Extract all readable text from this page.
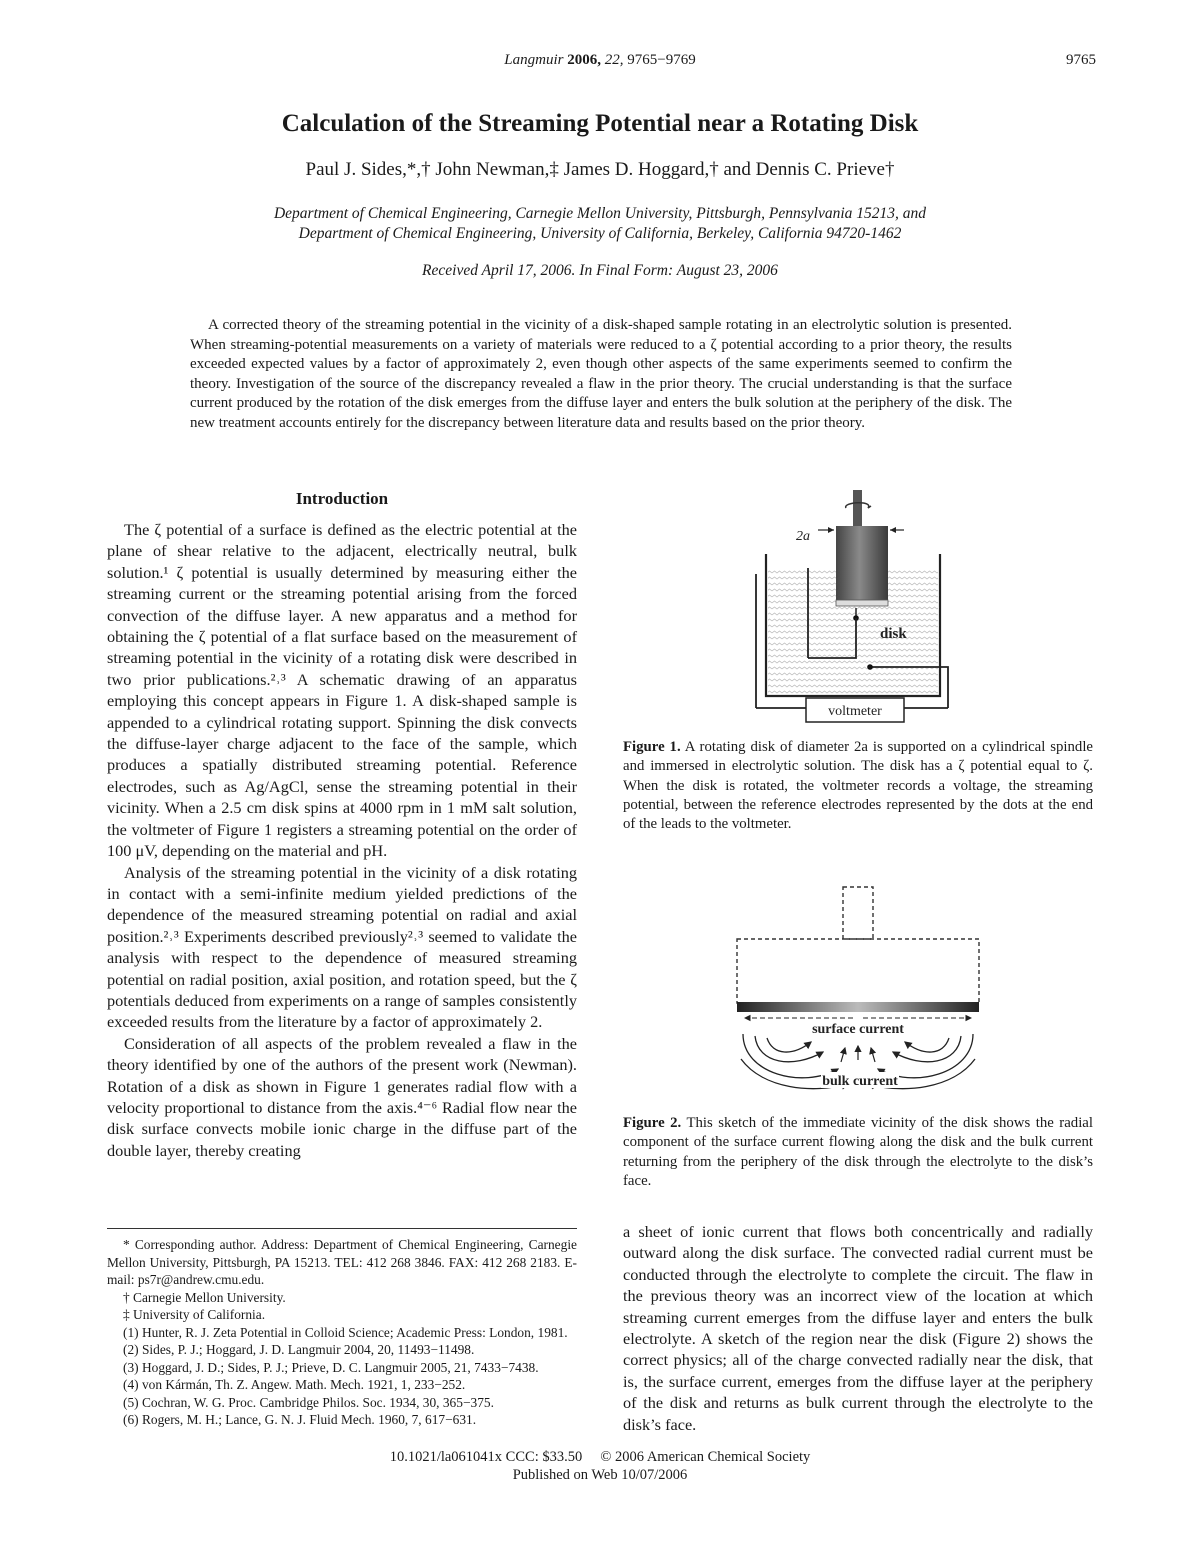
Langmuir 2006, 22, 9765−9769	9765
Calculation of the Streaming Potential near a Rotating Disk
Paul J. Sides,*,† John Newman,‡ James D. Hoggard,† and Dennis C. Prieve†
Department of Chemical Engineering, Carnegie Mellon University, Pittsburgh, Pennsylvania 15213, and
Department of Chemical Engineering, University of California, Berkeley, California 94720-1462
Received April 17, 2006. In Final Form: August 23, 2006
A corrected theory of the streaming potential in the vicinity of a disk-shaped sample rotating in an electrolytic solution is presented. When streaming-potential measurements on a variety of materials were reduced to a ζ potential according to a prior theory, the results exceeded expected values by a factor of approximately 2, even though other aspects of the same experiments seemed to confirm the theory. Investigation of the source of the discrepancy revealed a flaw in the prior theory. The crucial understanding is that the surface current produced by the rotation of the disk emerges from the diffuse layer and enters the bulk solution at the periphery of the disk. The new treatment accounts entirely for the discrepancy between literature data and results based on the prior theory.
Introduction

The ζ potential of a surface is defined as the electric potential at the plane of shear relative to the adjacent, electrically neutral, bulk solution.¹ ζ potential is usually determined by measuring either the streaming current or the streaming potential arising from the forced convection of the diffuse layer. A new apparatus and a method for obtaining the ζ potential of a flat surface based on the measurement of streaming potential in the vicinity of a rotating disk were described in two prior publications.²˒³ A schematic drawing of an apparatus employing this concept appears in Figure 1. A disk-shaped sample is appended to a cylindrical rotating support. Spinning the disk convects the diffuse-layer charge adjacent to the face of the sample, which produces a spatially distributed streaming potential. Reference electrodes, such as Ag/AgCl, sense the streaming potential in their vicinity. When a 2.5 cm disk spins at 4000 rpm in 1 mM salt solution, the voltmeter of Figure 1 registers a streaming potential on the order of 100 μV, depending on the material and pH.

Analysis of the streaming potential in the vicinity of a disk rotating in contact with a semi-infinite medium yielded predictions of the dependence of the measured streaming potential on radial and axial position.²˒³ Experiments described previously²˒³ seemed to validate the analysis with respect to the dependence of measured streaming potential on radial position, axial position, and rotation speed, but the ζ potentials deduced from experiments on a range of samples consistently exceeded results from the literature by a factor of approximately 2.

Consideration of all aspects of the problem revealed a flaw in the theory identified by one of the authors of the present work (Newman). Rotation of a disk as shown in Figure 1 generates radial flow with a velocity proportional to distance from the axis.⁴⁻⁶ Radial flow near the disk surface convects mobile ionic charge in the diffuse part of the double layer, thereby creating

* Corresponding author. Address: Department of Chemical Engineering, Carnegie Mellon University, Pittsburgh, PA 15213. TEL: 412 268 3846. FAX: 412 268 2183. E-mail: ps7r@andrew.cmu.edu.

† Carnegie Mellon University.

‡ University of California.

(1) Hunter, R. J. Zeta Potential in Colloid Science; Academic Press: London, 1981.

(2) Sides, P. J.; Hoggard, J. D. Langmuir 2004, 20, 11493−11498.

(3) Hoggard, J. D.; Sides, P. J.; Prieve, D. C. Langmuir 2005, 21, 7433−7438.

(4) von Kármán, Th. Z. Angew. Math. Mech. 1921, 1, 233−252.

(5) Cochran, W. G. Proc. Cambridge Philos. Soc. 1934, 30, 365−375.

(6) Rogers, M. H.; Lance, G. N. J. Fluid Mech. 1960, 7, 617−631.

2a
disk
voltmeter
Figure 1. A rotating disk of diameter 2a is supported on a cylindrical spindle and immersed in electrolytic solution. The disk has a ζ potential equal to ζ. When the disk is rotated, the voltmeter records a voltage, the streaming potential, between the reference electrodes represented by the dots at the end of the leads to the voltmeter.
surface current
bulk current
Figure 2. This sketch of the immediate vicinity of the disk shows the radial component of the surface current flowing along the disk and the bulk current returning from the periphery of the disk through the electrolyte to the disk’s face.

a sheet of ionic current that flows both concentrically and radially outward along the disk surface. The convected radial current must be conducted through the electrolyte to complete the circuit. The flaw in the previous theory was an incorrect view of the location at which streaming current emerges from the diffuse layer and enters the bulk electrolyte. A sketch of the region near the disk (Figure 2) shows the correct physics; all of the charge convected radially near the disk, that is, the surface current, emerges from the diffuse layer at the periphery of the disk and returns as bulk current through the electrolyte to the disk’s face.

10.1021/la061041x CCC: $33.50     © 2006 American Chemical Society
Published on Web 10/07/2006
